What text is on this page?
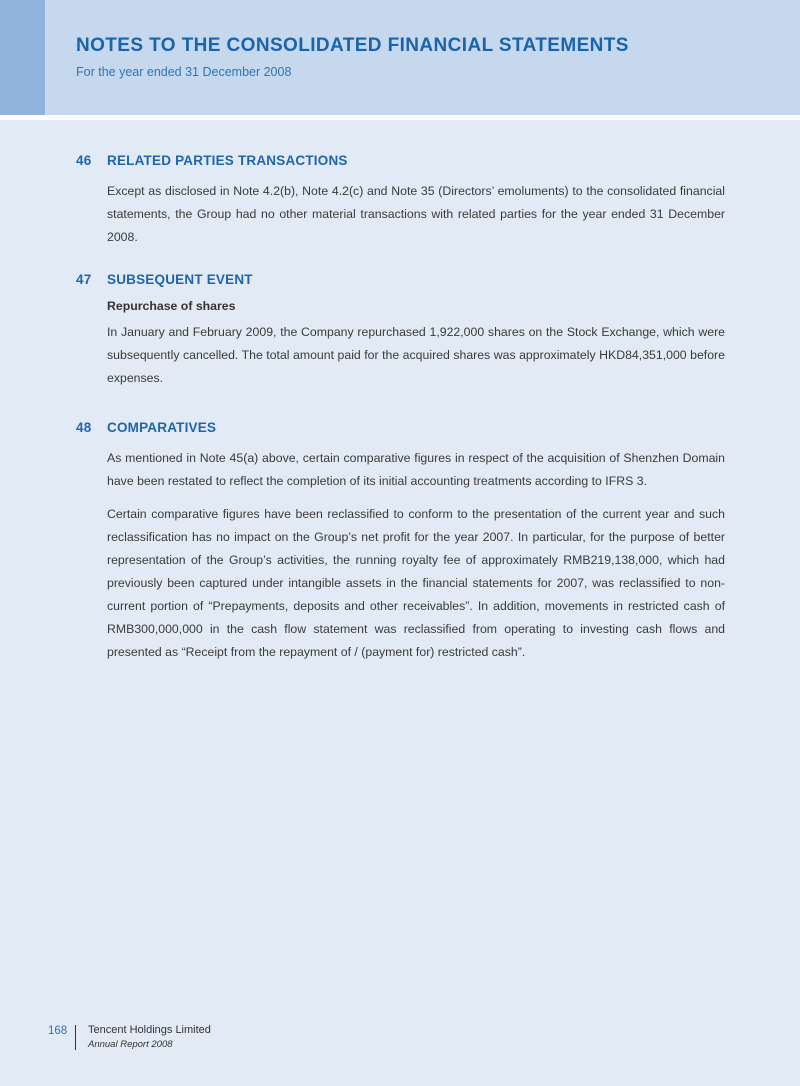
NOTES TO THE CONSOLIDATED FINANCIAL STATEMENTS
For the year ended 31 December 2008
46	RELATED PARTIES TRANSACTIONS

Except as disclosed in Note 4.2(b), Note 4.2(c) and Note 35 (Directors’ emoluments) to the consolidated financial statements, the Group had no other material transactions with related parties for the year ended 31 December 2008.

47	SUBSEQUENT EVENT

Repurchase of shares

In January and February 2009, the Company repurchased 1,922,000 shares on the Stock Exchange, which were subsequently cancelled. The total amount paid for the acquired shares was approximately HKD84,351,000 before expenses.

48	COMPARATIVES

As mentioned in Note 45(a) above, certain comparative figures in respect of the acquisition of Shenzhen Domain have been restated to reflect the completion of its initial accounting treatments according to IFRS 3.

Certain comparative figures have been reclassified to conform to the presentation of the current year and such reclassification has no impact on the Group’s net profit for the year 2007. In particular, for the purpose of better representation of the Group’s activities, the running royalty fee of approximately RMB219,138,000, which had previously been captured under intangible assets in the financial statements for 2007, was reclassified to non-current portion of “Prepayments, deposits and other receivables”. In addition, movements in restricted cash of RMB300,000,000 in the cash flow statement was reclassified from operating to investing cash flows and presented as “Receipt from the repayment of / (payment for) restricted cash”.

168 Tencent Holdings Limited
Annual Report 2008
